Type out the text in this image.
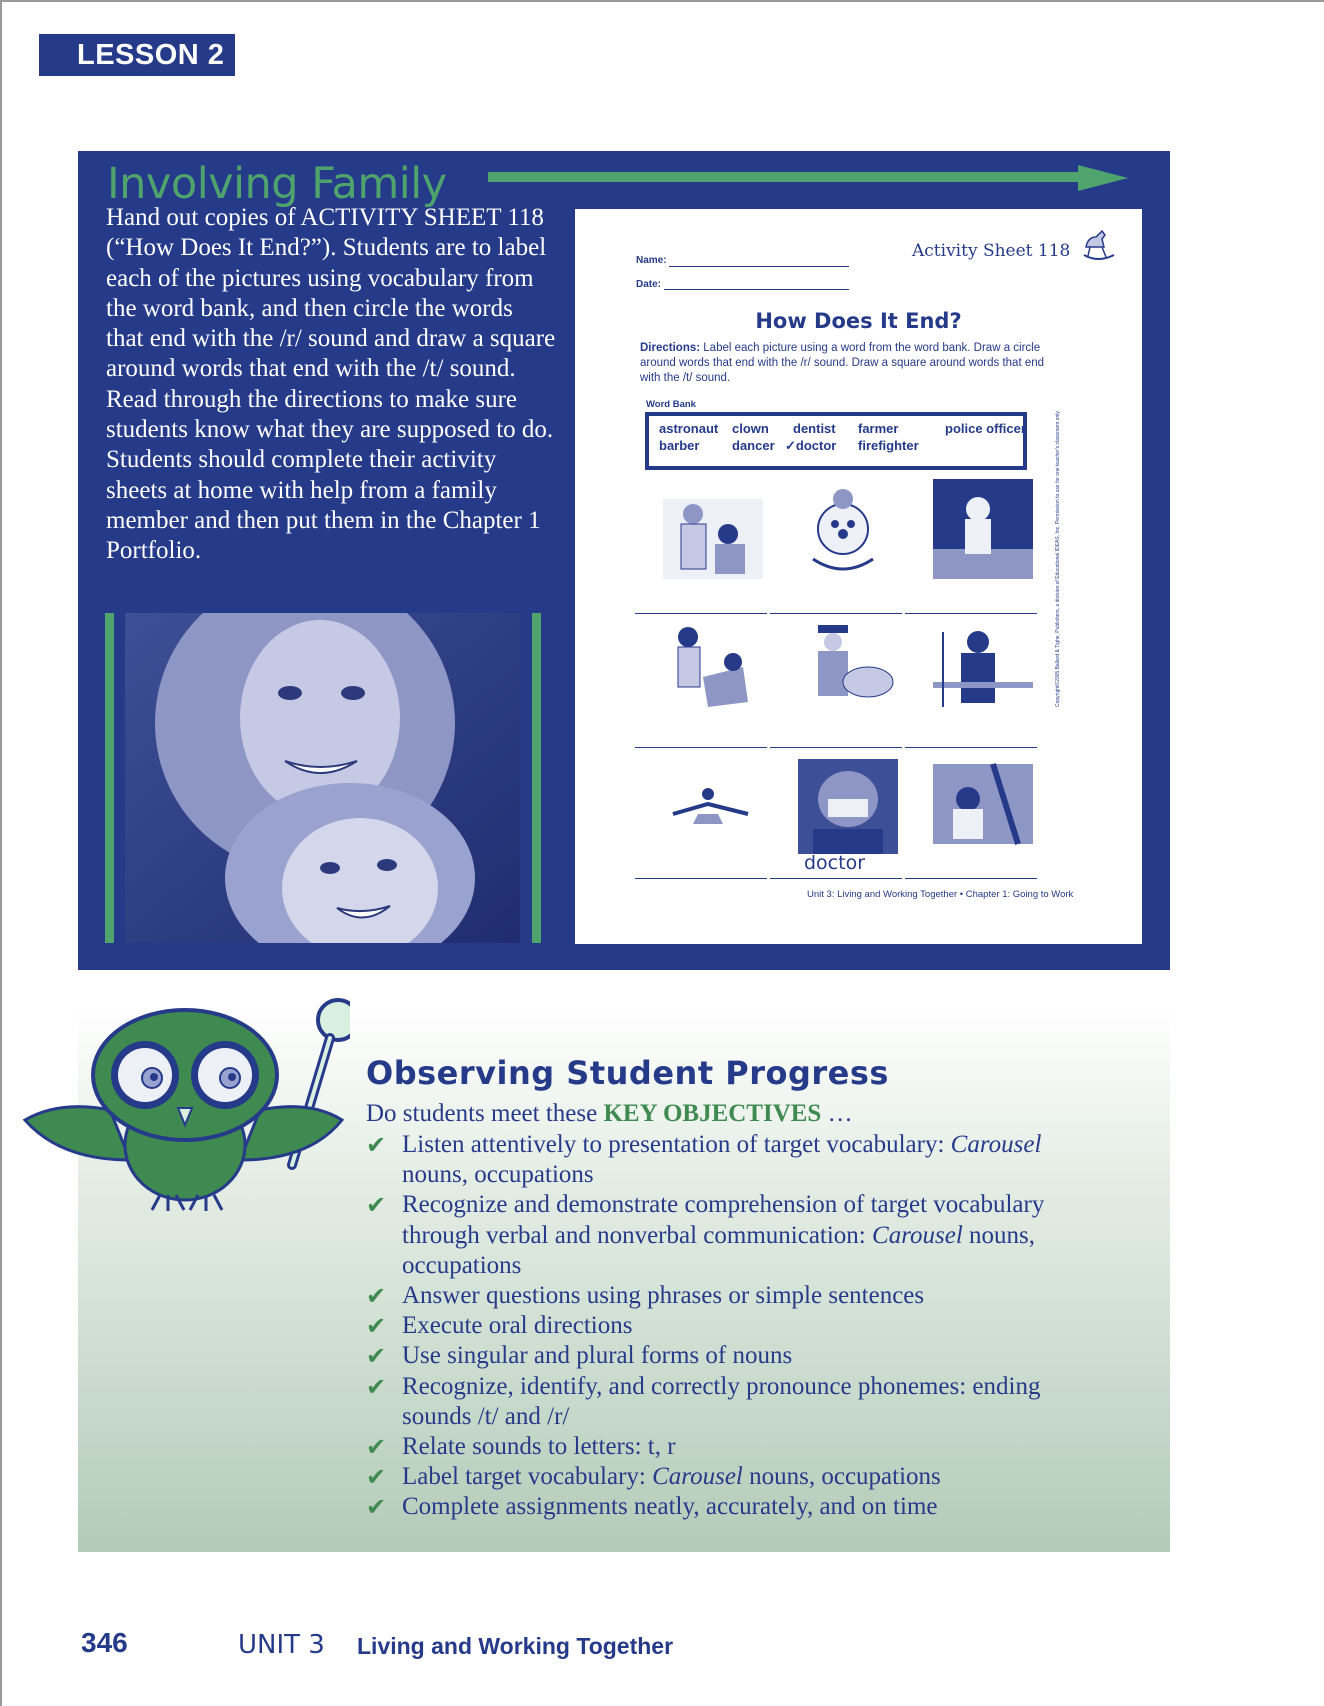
LESSON 2
Involving Family
Hand out copies of ACTIVITY SHEET 118 (“How Does It End?”). Students are to label each of the pictures using vocabulary from the word bank, and then circle the words that end with the /r/ sound and draw a square around words that end with the /t/ sound. Read through the directions to make sure students know what they are supposed to do. Students should complete their activity sheets at home with help from a family member and then put them in the Chapter 1 Portfolio.
Activity Sheet 118
Name:
Date:
How Does It End?
Directions: Label each picture using a word from the word bank. Draw a circle around words that end with the /r/ sound. Draw a square around words that end with the /t/ sound.
Word Bank
astronaut clown dentist farmer	police officer
barber	dancer ✓doctor firefighter
doctor
Unit 3: Living and Working Together • Chapter 1: Going to Work
Copyright©2005 Ballard & Tighe, Publishers, a division of Educational IDEAS, Inc. Permission to use for one teacher's classroom only.
Observing Student Progress
Do students meet these KEY OBJECTIVES …
✔ Listen attentively to presentation of target vocabulary: Carousel nouns, occupations
✔ Recognize and demonstrate comprehension of target vocabulary through verbal and nonverbal communication: Carousel nouns, occupations
✔ Answer questions using phrases or simple sentences
✔ Execute oral directions
✔ Use singular and plural forms of nouns
✔ Recognize, identify, and correctly pronounce phonemes: ending sounds /t/ and /r/
✔ Relate sounds to letters: t, r
✔ Label target vocabulary: Carousel nouns, occupations
✔ Complete assignments neatly, accurately, and on time
346	UNIT 3 Living and Working Together
